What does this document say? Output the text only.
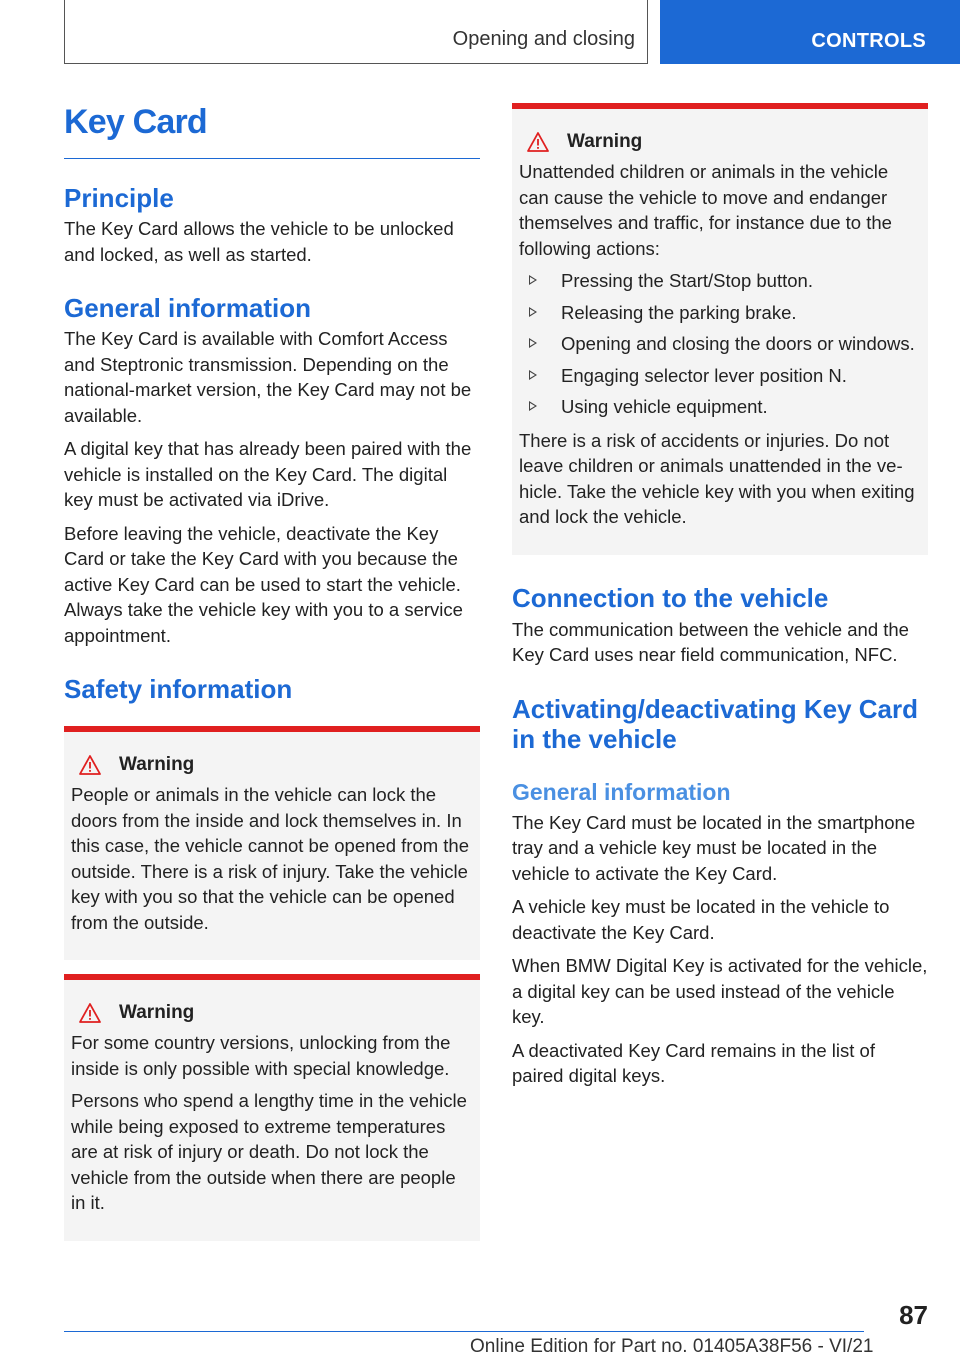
Opening and closing	CONTROLS
Key Card
Principle

The Key Card allows the vehicle to be unlocked and locked, as well as started.

General information

The Key Card is available with Comfort Access and Steptronic transmission. Depending on the national-market version, the Key Card may not be available.

A digital key that has already been paired with the vehicle is installed on the Key Card. The digital key must be activated via iDrive.

Before leaving the vehicle, deactivate the Key Card or take the Key Card with you because the active Key Card can be used to start the vehicle. Always take the vehicle key with you to a service appointment.

Safety information
Warning

People or animals in the vehicle can lock the doors from the inside and lock themselves in. In this case, the vehicle cannot be opened from the outside. There is a risk of injury. Take the vehicle key with you so that the vehicle can be opened from the outside.

Warning

For some country versions, unlocking from the inside is only possible with special knowledge.

Persons who spend a lengthy time in the vehicle while being exposed to extreme temperatures are at risk of injury or death. Do not lock the vehicle from the outside when there are people in it.

Warning

Unattended children or animals in the vehicle can cause the vehicle to move and endanger themselves and traffic, for instance due to the following actions:

Pressing the Start/Stop button.
Releasing the parking brake.
Opening and closing the doors or windows.
Engaging selector lever position N.
Using vehicle equipment.

There is a risk of accidents or injuries. Do not leave children or animals unattended in the vehicle. Take the vehicle key with you when exiting and lock the vehicle.

Connection to the vehicle

The communication between the vehicle and the Key Card uses near field communication, NFC.

Activating/deactivating Key Card in the vehicle
General information

The Key Card must be located in the smartphone tray and a vehicle key must be located in the vehicle to activate the Key Card.

A vehicle key must be located in the vehicle to deactivate the Key Card.

When BMW Digital Key is activated for the vehicle, a digital key can be used instead of the vehicle key.

A deactivated Key Card remains in the list of paired digital keys.

87
Online Edition for Part no. 01405A38F56 - VI/21
